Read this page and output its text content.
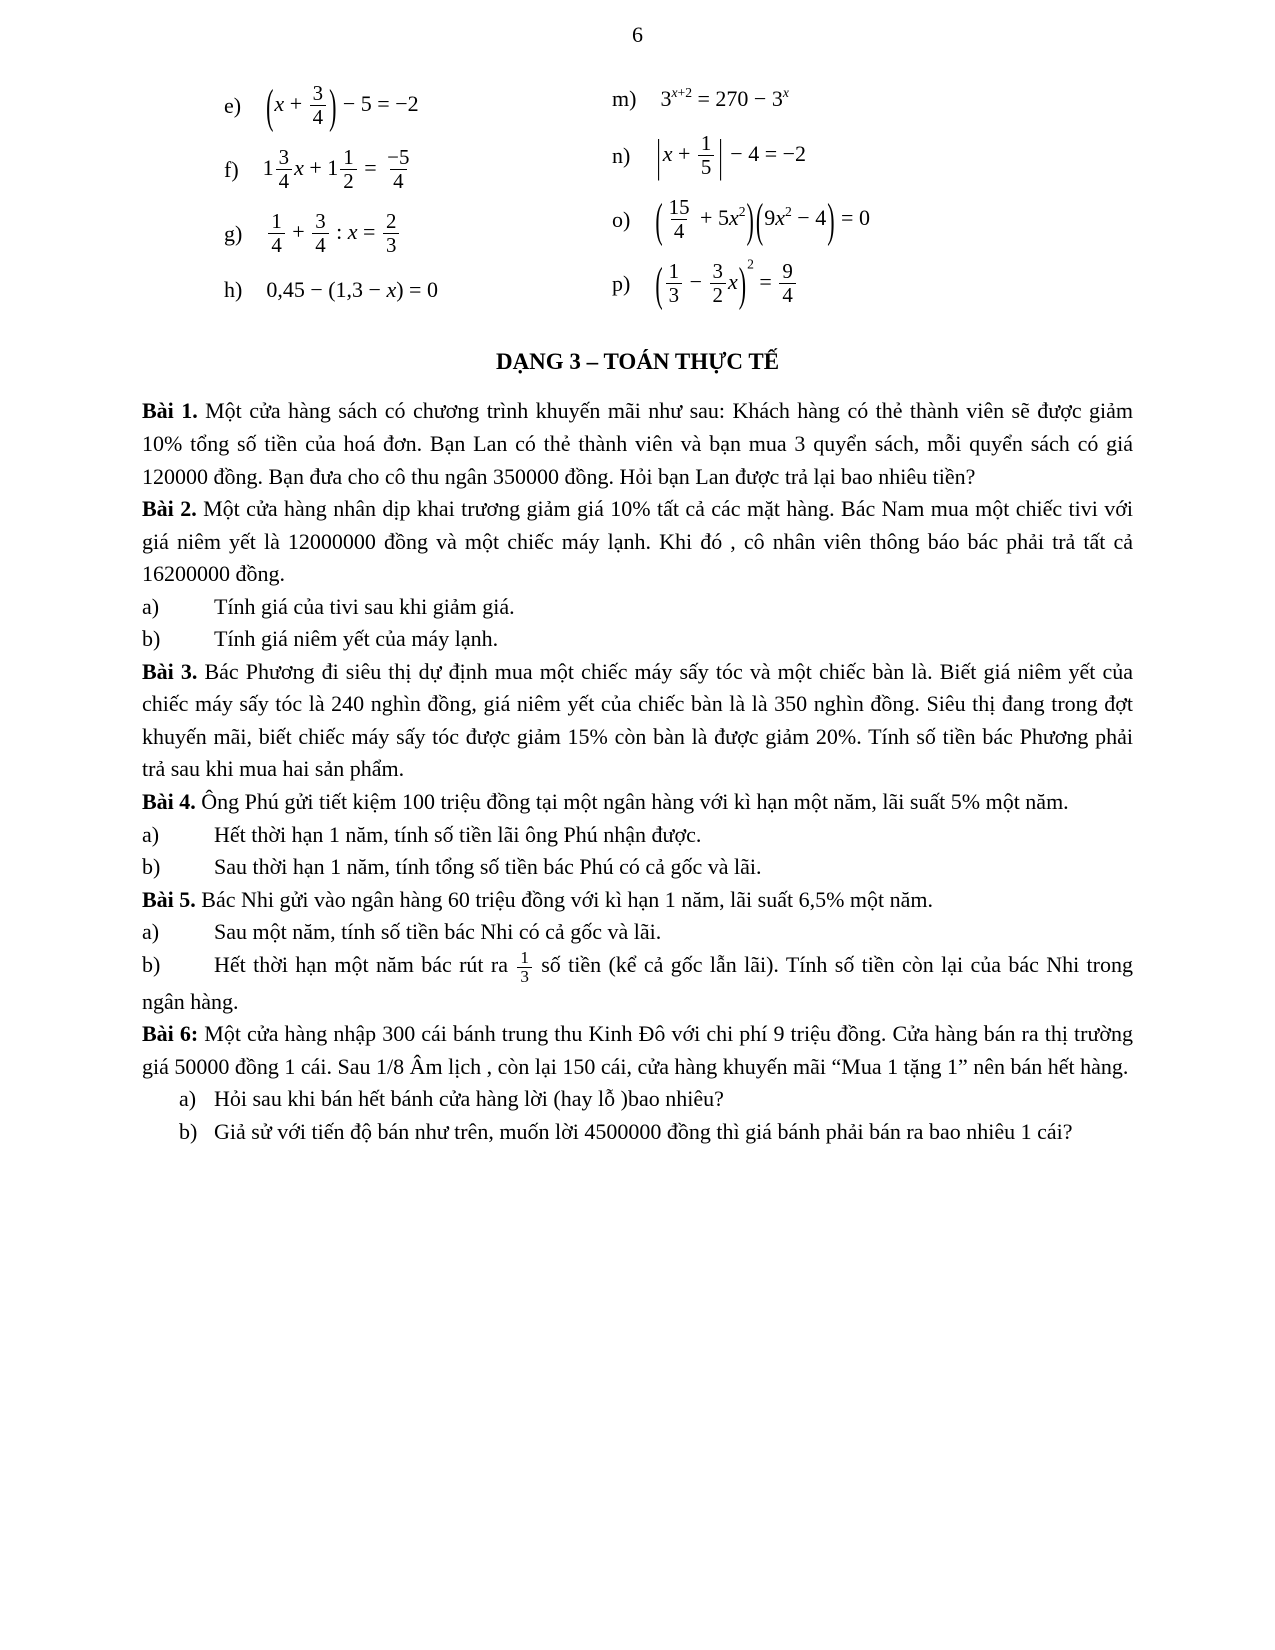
6
e) ($x + \frac{3}{4}$ ) − 5 = −2
f) $1 \frac{3}{4}$ $x + 1 \frac{1}{2} = \frac{-5}{4}$
$g) \frac{1}{4} + \frac{3}{4}$ : $x = \frac{2}{3}$
h) 0,45 − (1,3 − x) = 0
m) $3^{x+2} = 270 - 3^x$
n) $|x + \frac{1}{5}$ | − 4 = −2
o) ( $\frac{15}{4} + 5x^2)(9x^2 - 4) = 0$
p) ( $\frac{1}{3} - \frac{3}{2} x)^2 = \frac{9}{4}$
DẠNG 3 – TOÁN THỰC TẾ

Bài 1. Một cửa hàng sách có chương trình khuyến mãi như sau: Khách hàng có thẻ thành viên sẽ được giảm 10% tổng số tiền của hoá đơn. Bạn Lan có thẻ thành viên và bạn mua 3 quyển sách, mỗi quyển sách có giá 120000 đồng. Bạn đưa cho cô thu ngân 350000 đồng. Hỏi bạn Lan được trả lại bao nhiêu tiền?

Bài 2. Một cửa hàng nhân dịp khai trương giảm giá 10% tất cả các mặt hàng. Bác Nam mua một chiếc tivi với giá niêm yết là 12000000 đồng và một chiếc máy lạnh. Khi đó , cô nhân viên thông báo bác phải trả tất cả 16200000 đồng.

a) Tính giá của tivi sau khi giảm giá.

b) Tính giá niêm yết của máy lạnh.

Bài 3. Bác Phương đi siêu thị dự định mua một chiếc máy sấy tóc và một chiếc bàn là. Biết giá niêm yết của chiếc máy sấy tóc là 240 nghìn đồng, giá niêm yết của chiếc bàn là là 350 nghìn đồng. Siêu thị đang trong đợt khuyến mãi, biết chiếc máy sấy tóc được giảm 15% còn bàn là được giảm 20%. Tính số tiền bác Phương phải trả sau khi mua hai sản phẩm.

Bài 4. Ông Phú gửi tiết kiệm 100 triệu đồng tại một ngân hàng với kì hạn một năm, lãi suất 5% một năm.

a) Hết thời hạn 1 năm, tính số tiền lãi ông Phú nhận được.

b) Sau thời hạn 1 năm, tính tổng số tiền bác Phú có cả gốc và lãi.

Bài 5. Bác Nhi gửi vào ngân hàng 60 triệu đồng với kì hạn 1 năm, lãi suất 6,5% một năm.

a) Sau một năm, tính số tiền bác Nhi có cả gốc và lãi.

b) Hết thời hạn một năm bác rút ra $\frac{1}{3}$ số tiền (kể cả gốc lẫn lãi). Tính số tiền còn lại của bác Nhi trong ngân hàng.

Bài 6: Một cửa hàng nhập 300 cái bánh trung thu Kinh Đô với chi phí 9 triệu đồng. Cửa hàng bán ra thị trường giá 50000 đồng 1 cái. Sau 1/8 Âm lịch , còn lại 150 cái, cửa hàng khuyến mãi “Mua 1 tặng 1” nên bán hết hàng.

a) Hỏi sau khi bán hết bánh cửa hàng lời (hay lỗ )bao nhiêu?

b) Giả sử với tiến độ bán như trên, muốn lời 4500000 đồng thì giá bánh phải bán ra bao nhiêu 1 cái?
